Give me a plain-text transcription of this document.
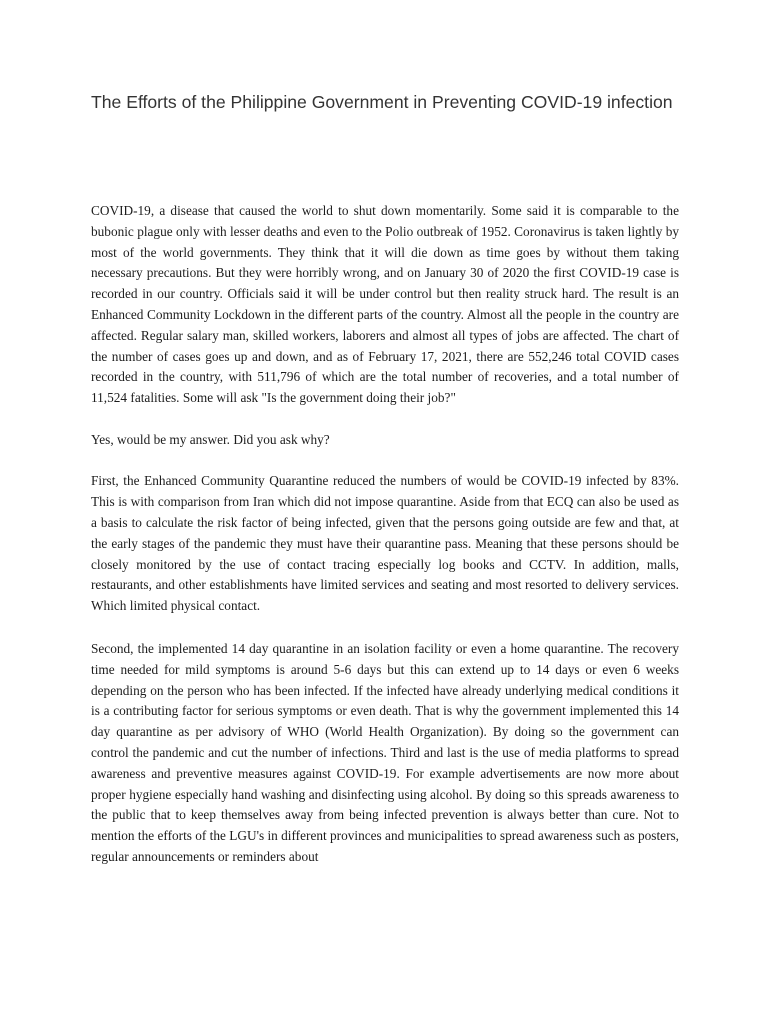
The Efforts of the Philippine Government in Preventing COVID-19 infection

COVID-19, a disease that caused the world to shut down momentarily. Some said it is comparable to the bubonic plague only with lesser deaths and even to the Polio outbreak of 1952. Coronavirus is taken lightly by most of the world governments. They think that it will die down as time goes by without them taking necessary precautions. But they were horribly wrong, and on January 30 of 2020 the first COVID-19 case is recorded in our country. Officials said it will be under control but then reality struck hard. The result is an Enhanced Community Lockdown in the different parts of the country. Almost all the people in the country are affected. Regular salary man, skilled workers, laborers and almost all types of jobs are affected. The chart of the number of cases goes up and down, and as of February 17, 2021, there are 552,246 total COVID cases recorded in the country, with 511,796 of which are the total number of recoveries, and a total number of 11,524 fatalities. Some will ask "Is the government doing their job?"

Yes, would be my answer. Did you ask why?

First, the Enhanced Community Quarantine reduced the numbers of would be COVID-19 infected by 83%. This is with comparison from Iran which did not impose quarantine. Aside from that ECQ can also be used as a basis to calculate the risk factor of being infected, given that the persons going outside are few and that, at the early stages of the pandemic they must have their quarantine pass. Meaning that these persons should be closely monitored by the use of contact tracing especially log books and CCTV. In addition, malls, restaurants, and other establishments have limited services and seating and most resorted to delivery services. Which limited physical contact.

Second, the implemented 14 day quarantine in an isolation facility or even a home quarantine. The recovery time needed for mild symptoms is around 5-6 days but this can extend up to 14 days or even 6 weeks depending on the person who has been infected. If the infected have already underlying medical conditions it is a contributing factor for serious symptoms or even death. That is why the government implemented this 14 day quarantine as per advisory of WHO (World Health Organization). By doing so the government can control the pandemic and cut the number of infections. Third and last is the use of media platforms to spread awareness and preventive measures against COVID-19. For example advertisements are now more about proper hygiene especially hand washing and disinfecting using alcohol. By doing so this spreads awareness to the public that to keep themselves away from being infected prevention is always better than cure. Not to mention the efforts of the LGU's in different provinces and municipalities to spread awareness such as posters, regular announcements or reminders about
